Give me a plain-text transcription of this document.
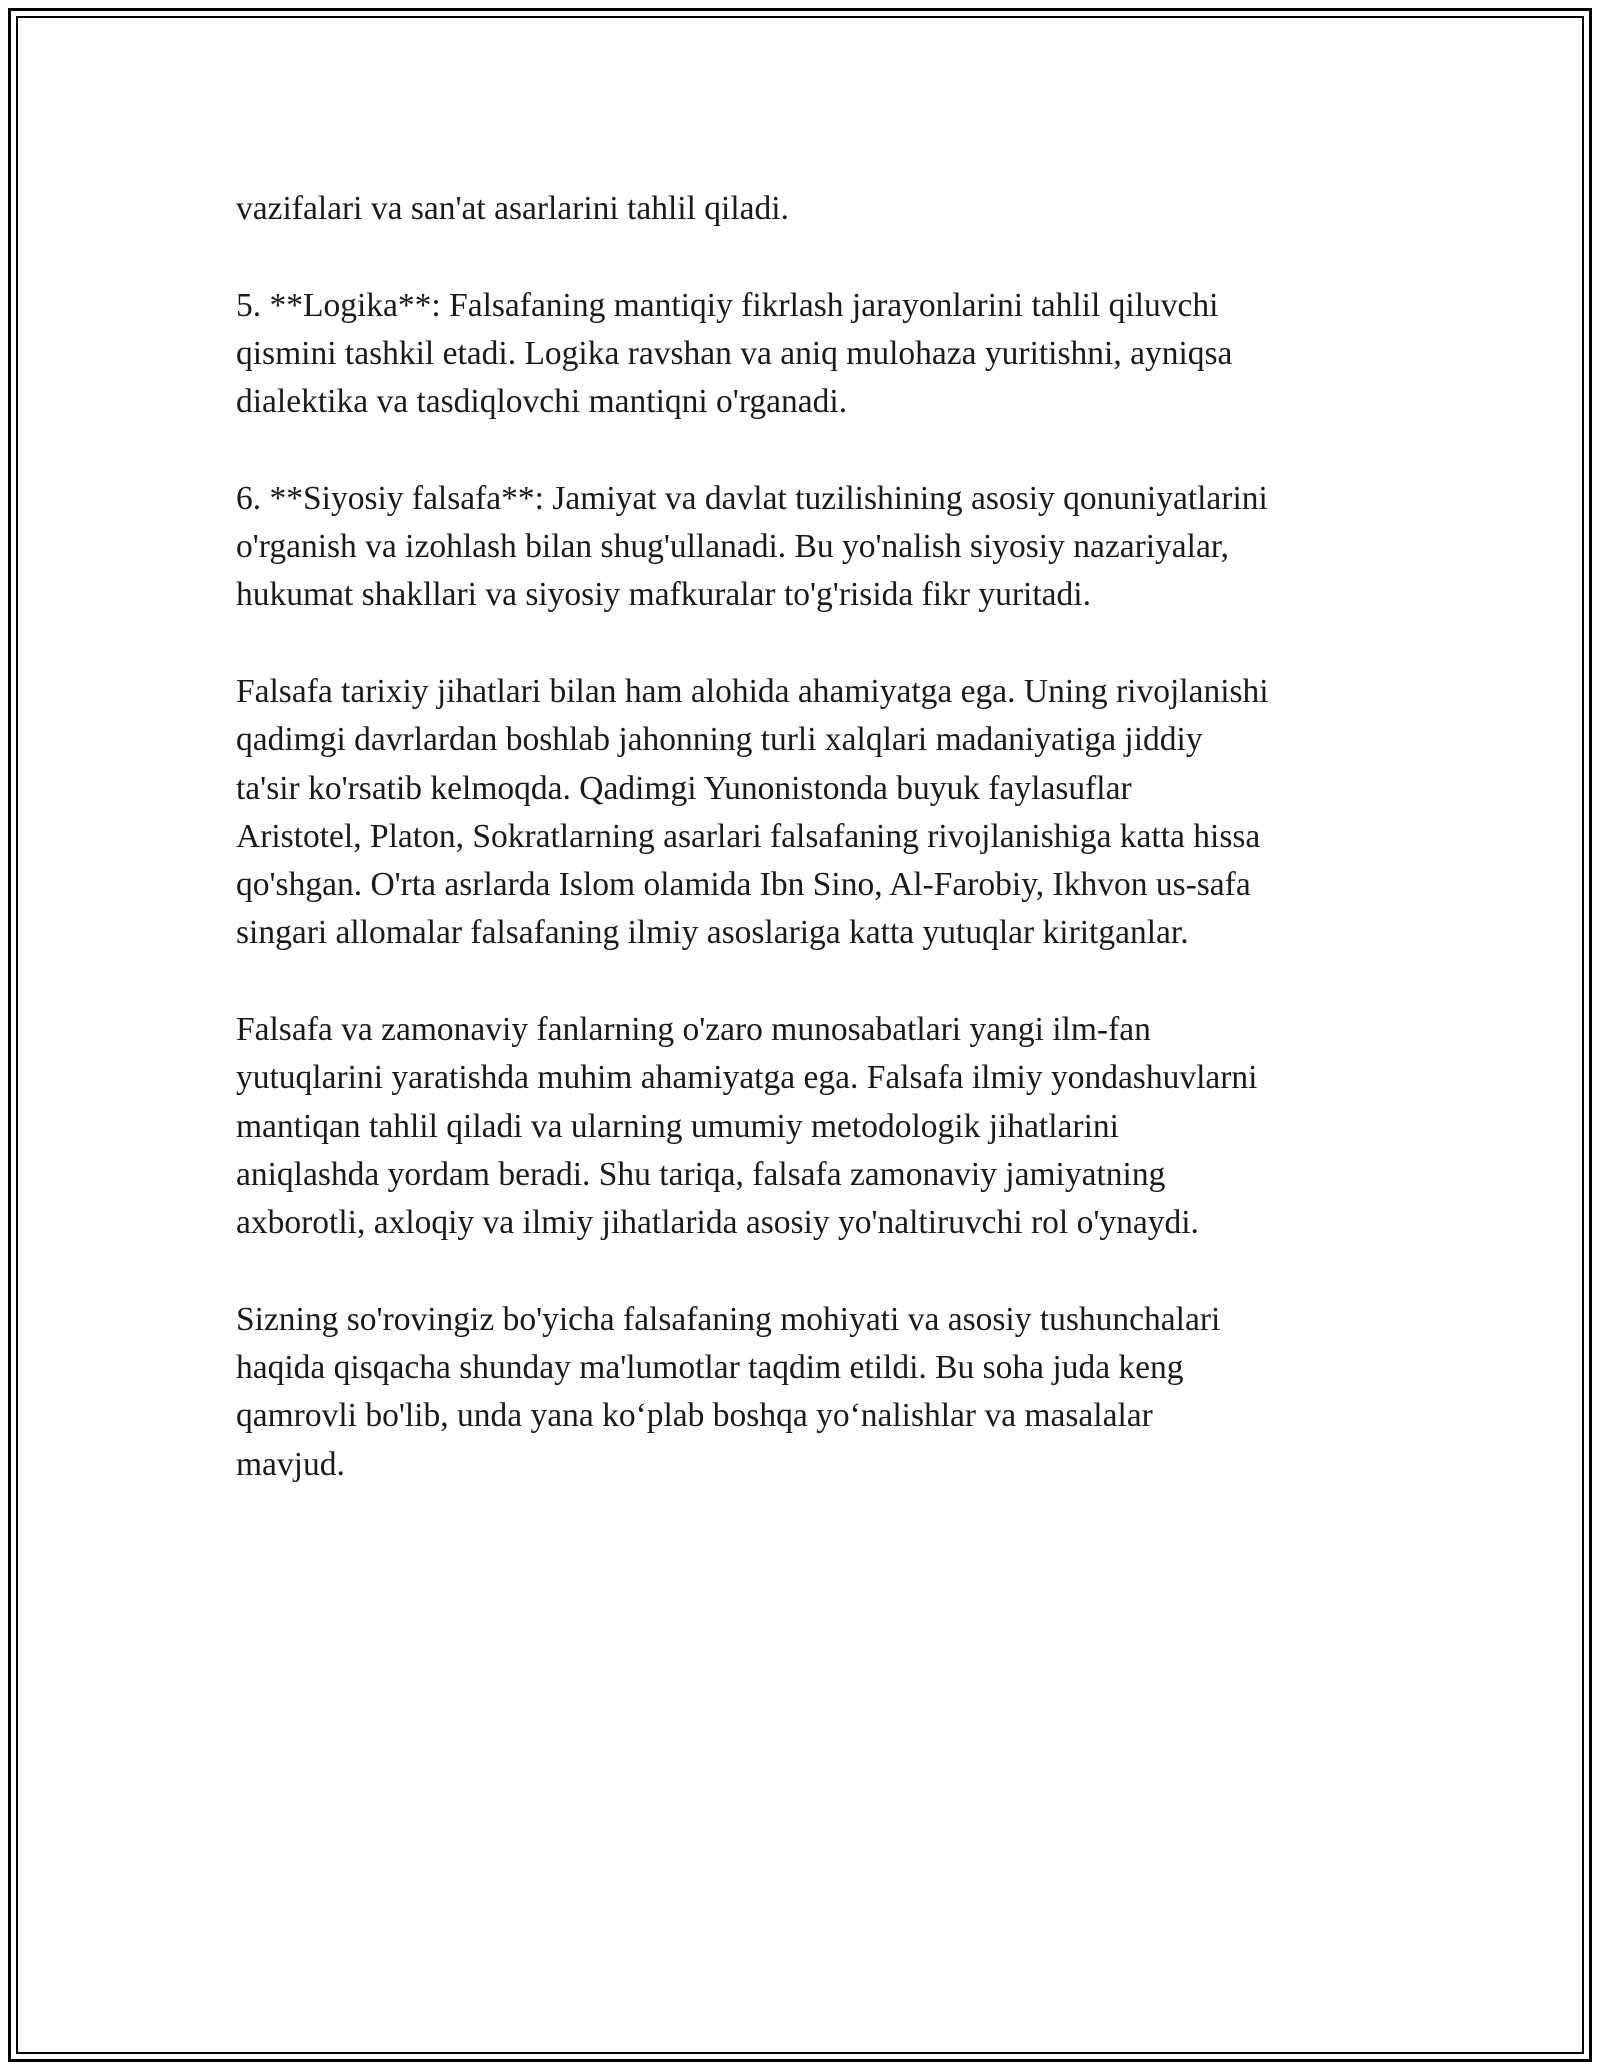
vazifalari va san'at asarlarini tahlil qiladi.

5. **Logika**: Falsafaning mantiqiy fikrlash jarayonlarini tahlil qiluvchi
qismini tashkil etadi. Logika ravshan va aniq mulohaza yuritishni, ayniqsa
dialektika va tasdiqlovchi mantiqni o'rganadi.

6. **Siyosiy falsafa**: Jamiyat va davlat tuzilishining asosiy qonuniyatlarini
o'rganish va izohlash bilan shug'ullanadi. Bu yo'nalish siyosiy nazariyalar,
hukumat shakllari va siyosiy mafkuralar to'g'risida fikr yuritadi.

Falsafa tarixiy jihatlari bilan ham alohida ahamiyatga ega. Uning rivojlanishi
qadimgi davrlardan boshlab jahonning turli xalqlari madaniyatiga jiddiy
ta'sir ko'rsatib kelmoqda. Qadimgi Yunonistonda buyuk faylasuflar
Aristotel, Platon, Sokratlarning asarlari falsafaning rivojlanishiga katta hissa
qo'shgan. O'rta asrlarda Islom olamida Ibn Sino, Al-Farobiy, Ikhvon us-safa
singari allomalar falsafaning ilmiy asoslariga katta yutuqlar kiritganlar.

Falsafa va zamonaviy fanlarning o'zaro munosabatlari yangi ilm-fan
yutuqlarini yaratishda muhim ahamiyatga ega. Falsafa ilmiy yondashuvlarni
mantiqan tahlil qiladi va ularning umumiy metodologik jihatlarini
aniqlashda yordam beradi. Shu tariqa, falsafa zamonaviy jamiyatning
axborotli, axloqiy va ilmiy jihatlarida asosiy yo'naltiruvchi rol o'ynaydi.

Sizning so'rovingiz bo'yicha falsafaning mohiyati va asosiy tushunchalari
haqida qisqacha shunday ma'lumotlar taqdim etildi. Bu soha juda keng
qamrovli bo'lib, unda yana ko‘plab boshqa yo‘nalishlar va masalalar
mavjud.
